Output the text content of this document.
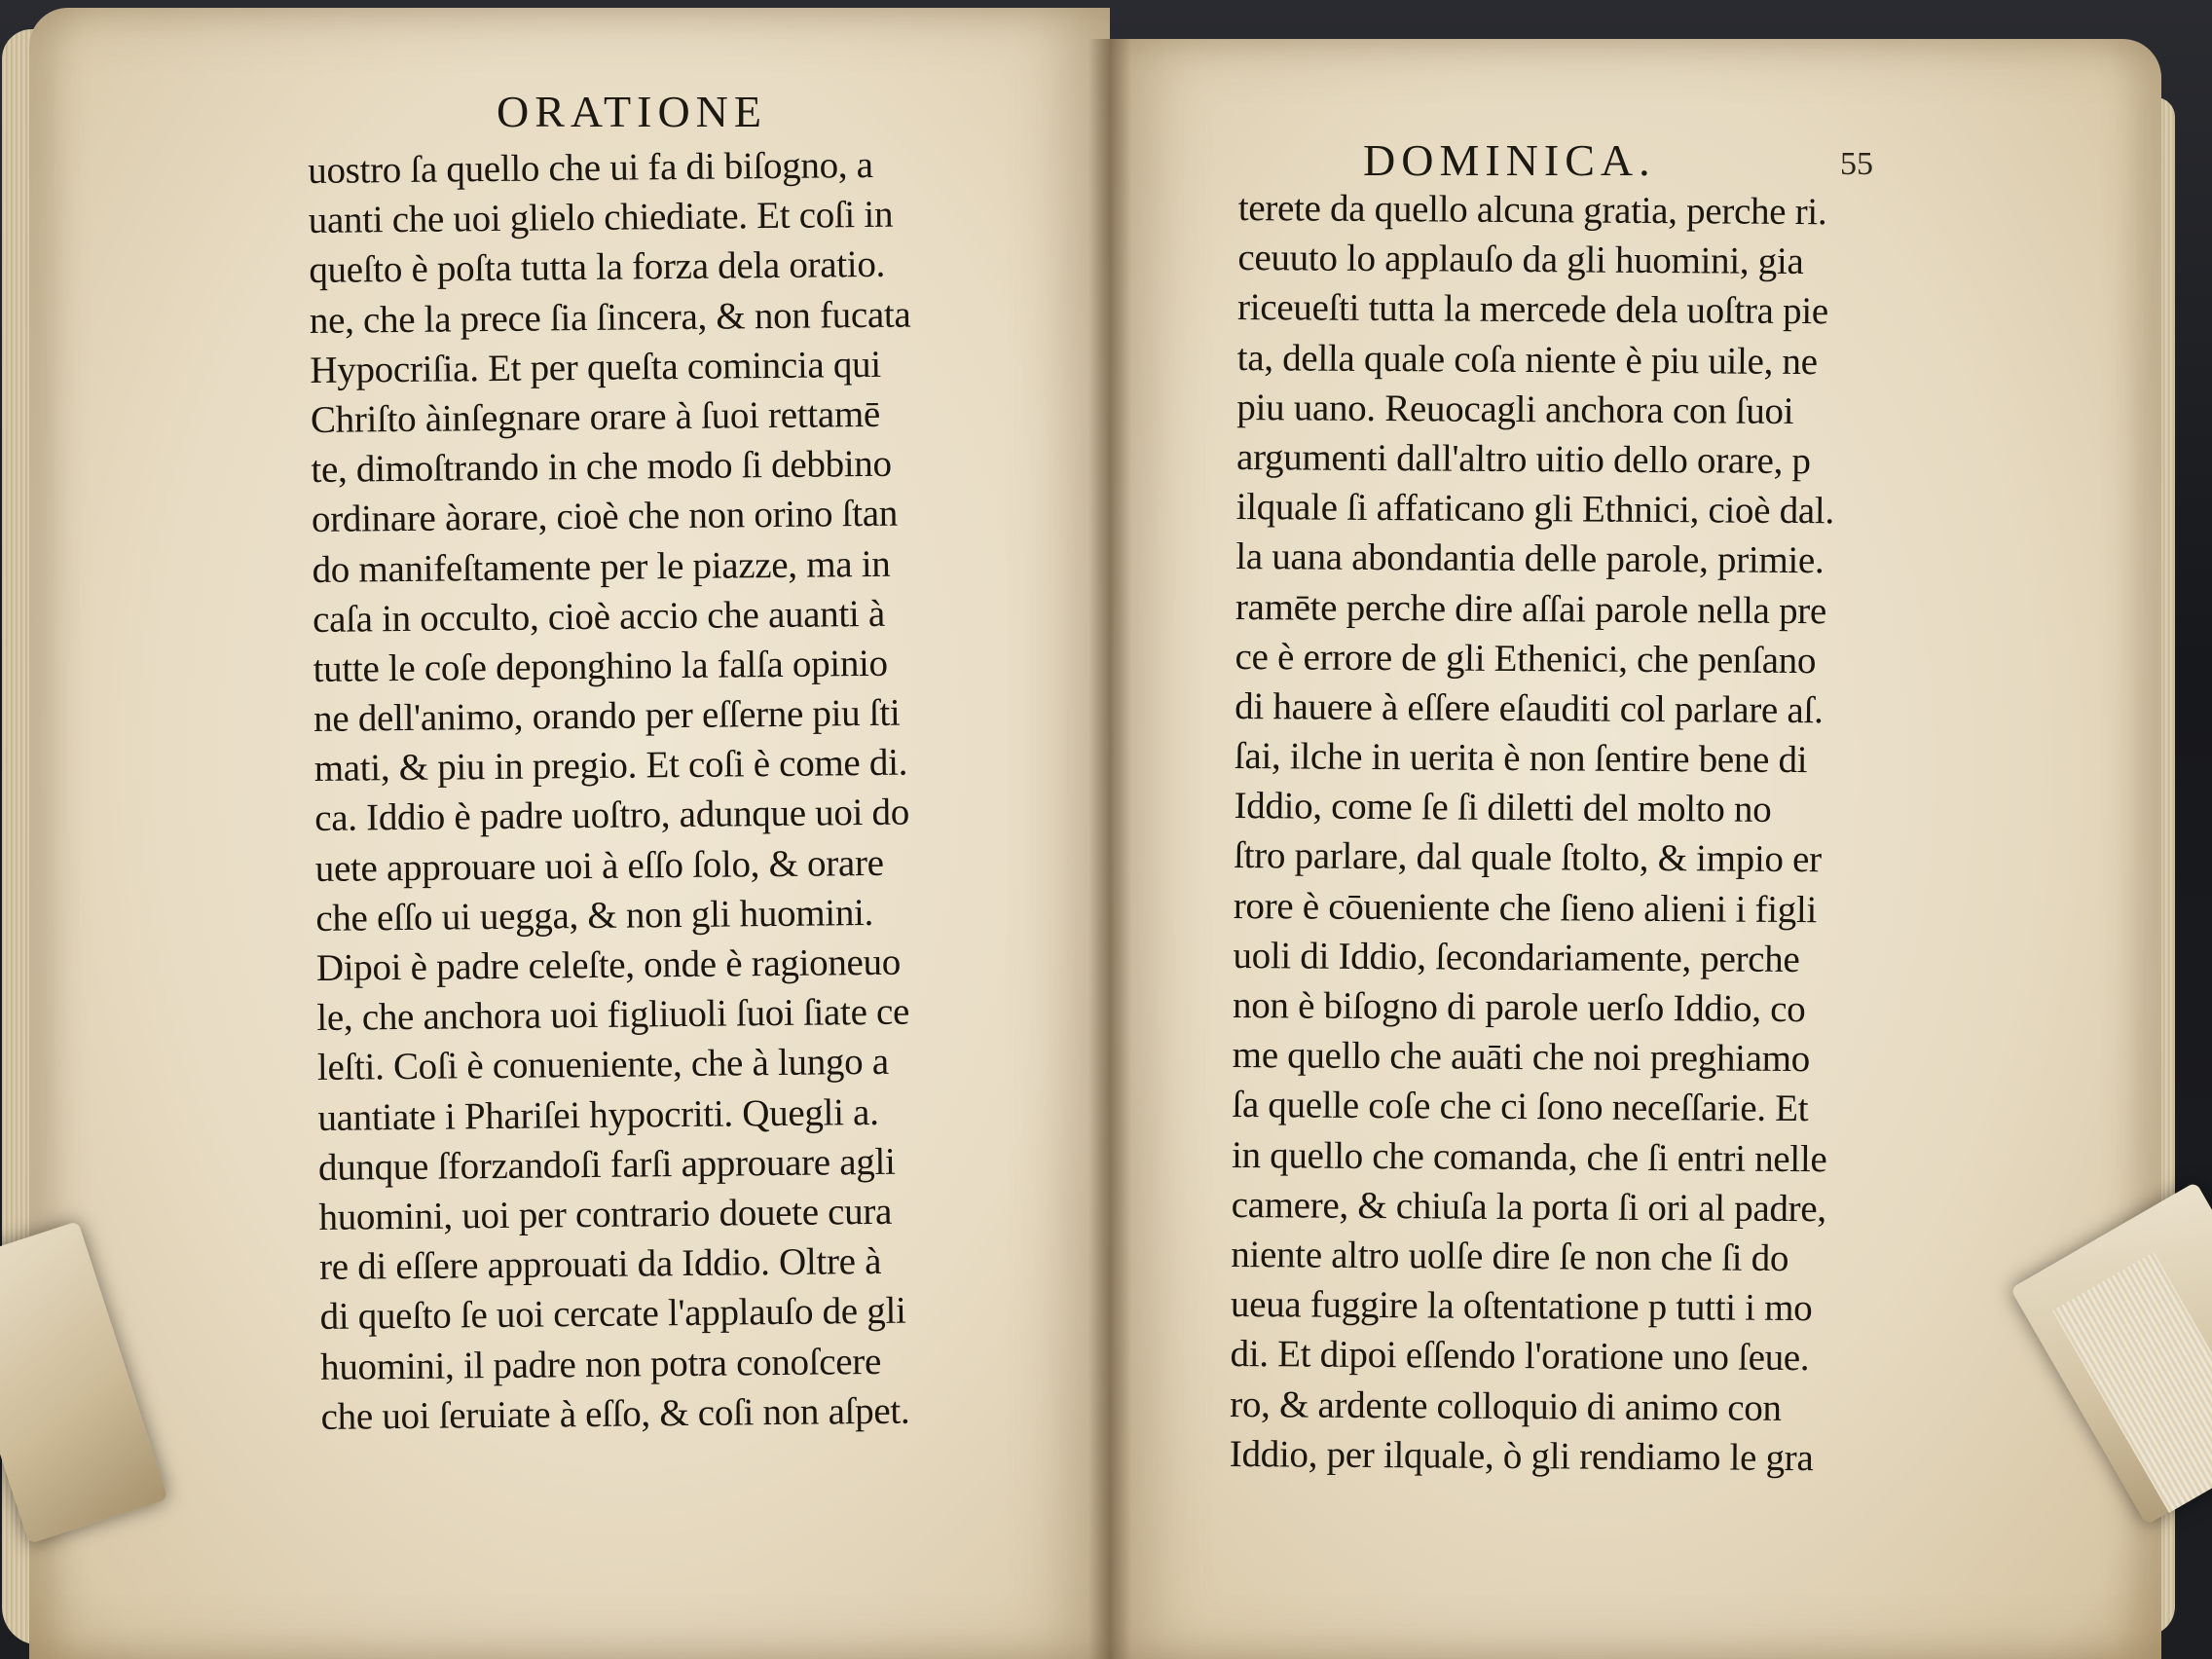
ORATIONE
DOMINICA.	55
uostro ſa quello che ui fa di biſogno, a
uanti che uoi glielo chiediate. Et coſi in
queſto è poſta tutta la forza dela oratio.
ne, che la prece ſia ſincera, & non fucata
Hypocriſia. Et per queſta comincia qui
Chriſto àinſegnare orare à ſuoi rettamē
te, dimoſtrando in che modo ſi debbino
ordinare àorare, cioè che non orino ſtan
do manifeſtamente per le piazze, ma in
caſa in occulto, cioè accio che auanti à
tutte le coſe deponghino la falſa opinio
ne dell'animo, orando per eſſerne piu ſti
mati, & piu in pregio. Et coſi è come di.
ca. Iddio è padre uoſtro, adunque uoi do
uete approuare uoi à eſſo ſolo, & orare
che eſſo ui uegga, & non gli huomini.
Dipoi è padre celeſte, onde è ragioneuo
le, che anchora uoi figliuoli ſuoi ſiate ce
leſti. Coſi è conueniente, che à lungo a
uantiate i Phariſei hypocriti. Quegli a.
dunque ſforzandoſi farſi approuare agli
huomini, uoi per contrario douete cura
re di eſſere approuati da Iddio. Oltre à
di queſto ſe uoi cercate l'applauſo de gli
huomini, il padre non potra conoſcere
che uoi ſeruiate à eſſo, & coſi non aſpet.
terete da quello alcuna gratia, perche ri.
ceuuto lo applauſo da gli huomini, gia
riceueſti tutta la mercede dela uoſtra pie
ta, della quale coſa niente è piu uile, ne
piu uano. Reuocagli anchora con ſuoi
argumenti dall'altro uitio dello orare, p
ilquale ſi affaticano gli Ethnici, cioè dal.
la uana abondantia delle parole, primie.
ramēte perche dire aſſai parole nella pre
ce è errore de gli Ethenici, che penſano
di hauere à eſſere eſauditi col parlare aſ.
ſai, ilche in uerita è non ſentire bene di
Iddio, come ſe ſi diletti del molto no
ſtro parlare, dal quale ſtolto, & impio er
rore è cōueniente che ſieno alieni i figli
uoli di Iddio, ſecondariamente, perche
non è biſogno di parole uerſo Iddio, co
me quello che auāti che noi preghiamo
ſa quelle coſe che ci ſono neceſſarie. Et
in quello che comanda, che ſi entri nelle
camere, & chiuſa la porta ſi ori al padre,
niente altro uolſe dire ſe non che ſi do
ueua fuggire la oſtentatione p tutti i mo
di. Et dipoi eſſendo l'oratione uno ſeue.
ro, & ardente colloquio di animo con
Iddio, per ilquale, ò gli rendiamo le gra
